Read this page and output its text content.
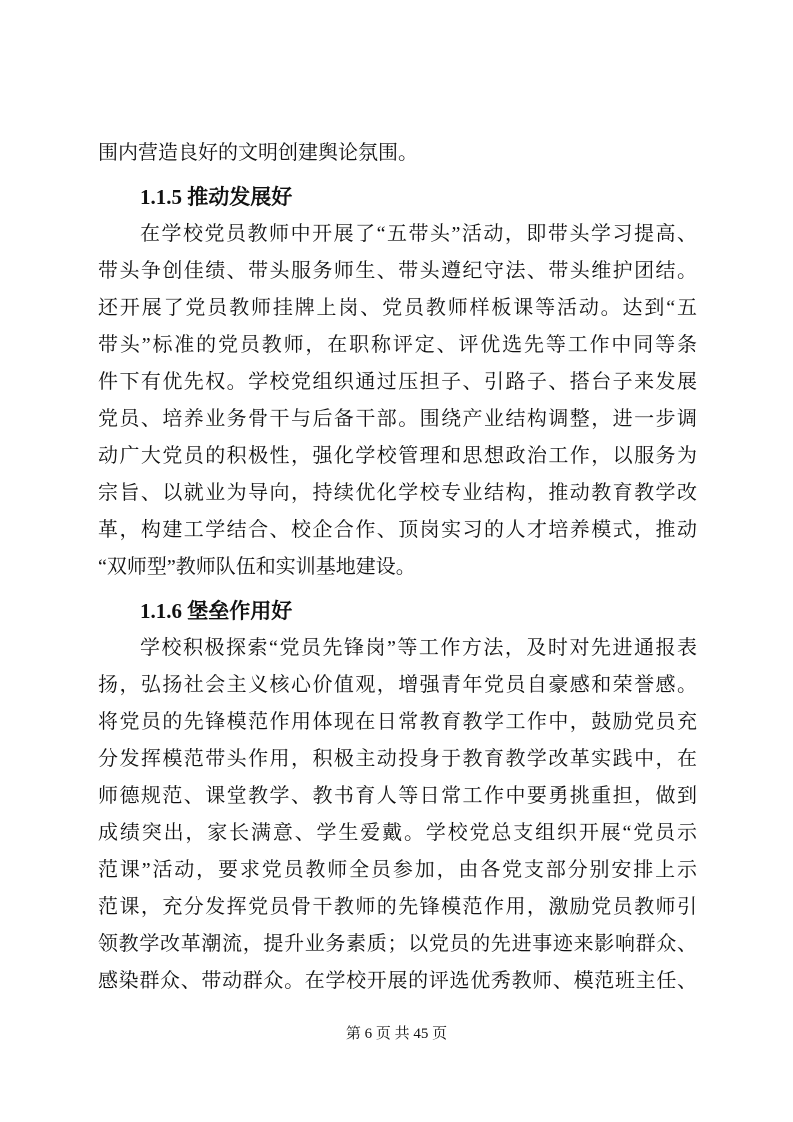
围内营造良好的文明创建舆论氛围。
1.1.5 推动发展好
在学校党员教师中开展了“五带头”活动，即带头学习提高、
带头争创佳绩、带头服务师生、带头遵纪守法、带头维护团结。
还开展了党员教师挂牌上岗、党员教师样板课等活动。达到“五
带头”标准的党员教师，在职称评定、评优选先等工作中同等条
件下有优先权。学校党组织通过压担子、引路子、搭台子来发展
党员、培养业务骨干与后备干部。围绕产业结构调整，进一步调
动广大党员的积极性，强化学校管理和思想政治工作，以服务为
宗旨、以就业为导向，持续优化学校专业结构，推动教育教学改
革，构建工学结合、校企合作、顶岗实习的人才培养模式，推动
“双师型”教师队伍和实训基地建设。
1.1.6 堡垒作用好
学校积极探索“党员先锋岗”等工作方法，及时对先进通报表
扬，弘扬社会主义核心价值观，增强青年党员自豪感和荣誉感。
将党员的先锋模范作用体现在日常教育教学工作中，鼓励党员充
分发挥模范带头作用，积极主动投身于教育教学改革实践中，在
师德规范、课堂教学、教书育人等日常工作中要勇挑重担，做到
成绩突出，家长满意、学生爱戴。学校党总支组织开展“党员示
范课”活动，要求党员教师全员参加，由各党支部分别安排上示
范课，充分发挥党员骨干教师的先锋模范作用，激励党员教师引
领教学改革潮流，提升业务素质；以党员的先进事迹来影响群众、
感染群众、带动群众。在学校开展的评选优秀教师、模范班主任、
第 6 页 共 45 页
